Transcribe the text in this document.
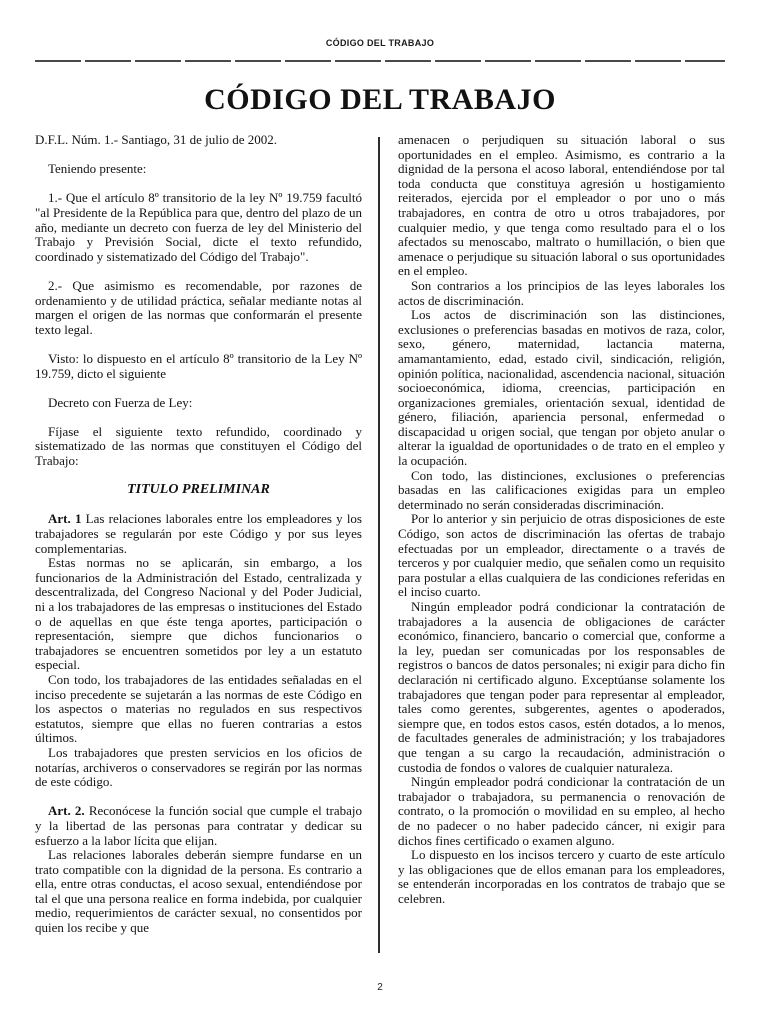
CÓDIGO DEL TRABAJO
CÓDIGO DEL TRABAJO

D.F.L. Núm. 1.- Santiago, 31 de julio de 2002.

Teniendo presente:

1.- Que el artículo 8º transitorio de la ley Nº 19.759 facultó "al Presidente de la República para que, dentro del plazo de un año, mediante un decreto con fuerza de ley del Ministerio del Trabajo y Previsión Social, dicte el texto refundido, coordinado y sistematizado del Código del Trabajo".

2.- Que asimismo es recomendable, por razones de ordenamiento y de utilidad práctica, señalar mediante notas al margen el origen de las normas que conformarán el presente texto legal.

Visto: lo dispuesto en el artículo 8º transitorio de la Ley Nº 19.759, dicto el siguiente

Decreto con Fuerza de Ley:

Fíjase el siguiente texto refundido, coordinado y sistematizado de las normas que constituyen el Código del Trabajo:

TITULO PRELIMINAR

Art. 1 Las relaciones laborales entre los empleadores y los trabajadores se regularán por este Código y por sus leyes complementarias.

Estas normas no se aplicarán, sin embargo, a los funcionarios de la Administración del Estado, centralizada y descentralizada, del Congreso Nacional y del Poder Judicial, ni a los trabajadores de las empresas o instituciones del Estado o de aquellas en que éste tenga aportes, participación o representación, siempre que dichos funcionarios o trabajadores se encuentren sometidos por ley a un estatuto especial.

Con todo, los trabajadores de las entidades señaladas en el inciso precedente se sujetarán a las normas de este Código en los aspectos o materias no regulados en sus respectivos estatutos, siempre que ellas no fueren contrarias a estos últimos.

Los trabajadores que presten servicios en los oficios de notarías, archiveros o conservadores se regirán por las normas de este código.

Art. 2. Reconócese la función social que cumple el trabajo y la libertad de las personas para contratar y dedicar su esfuerzo a la labor lícita que elijan.

Las relaciones laborales deberán siempre fundarse en un trato compatible con la dignidad de la persona. Es contrario a ella, entre otras conductas, el acoso sexual, entendiéndose por tal el que una persona realice en forma indebida, por cualquier medio, requerimientos de carácter sexual, no consentidos por quien los recibe y que

amenacen o perjudiquen su situación laboral o sus oportunidades en el empleo. Asimismo, es contrario a la dignidad de la persona el acoso laboral, entendiéndose por tal toda conducta que constituya agresión u hostigamiento reiterados, ejercida por el empleador o por uno o más trabajadores, en contra de otro u otros trabajadores, por cualquier medio, y que tenga como resultado para el o los afectados su menoscabo, maltrato o humillación, o bien que amenace o perjudique su situación laboral o sus oportunidades en el empleo.

Son contrarios a los principios de las leyes laborales los actos de discriminación.

Los actos de discriminación son las distinciones, exclusiones o preferencias basadas en motivos de raza, color, sexo, género, maternidad, lactancia materna, amamantamiento, edad, estado civil, sindicación, religión, opinión política, nacionalidad, ascendencia nacional, situación socioeconómica, idioma, creencias, participación en organizaciones gremiales, orientación sexual, identidad de género, filiación, apariencia personal, enfermedad o discapacidad u origen social, que tengan por objeto anular o alterar la igualdad de oportunidades o de trato en el empleo y la ocupación.

Con todo, las distinciones, exclusiones o preferencias basadas en las calificaciones exigidas para un empleo determinado no serán consideradas discriminación.

Por lo anterior y sin perjuicio de otras disposiciones de este Código, son actos de discriminación las ofertas de trabajo efectuadas por un empleador, directamente o a través de terceros y por cualquier medio, que señalen como un requisito para postular a ellas cualquiera de las condiciones referidas en el inciso cuarto.

Ningún empleador podrá condicionar la contratación de trabajadores a la ausencia de obligaciones de carácter económico, financiero, bancario o comercial que, conforme a la ley, puedan ser comunicadas por los responsables de registros o bancos de datos personales; ni exigir para dicho fin declaración ni certificado alguno. Exceptúanse solamente los trabajadores que tengan poder para representar al empleador, tales como gerentes, subgerentes, agentes o apoderados, siempre que, en todos estos casos, estén dotados, a lo menos, de facultades generales de administración; y los trabajadores que tengan a su cargo la recaudación, administración o custodia de fondos o valores de cualquier naturaleza.

Ningún empleador podrá condicionar la contratación de un trabajador o trabajadora, su permanencia o renovación de contrato, o la promoción o movilidad en su empleo, al hecho de no padecer o no haber padecido cáncer, ni exigir para dichos fines certificado o examen alguno.

Lo dispuesto en los incisos tercero y cuarto de este artículo y las obligaciones que de ellos emanan para los empleadores, se entenderán incorporadas en los contratos de trabajo que se celebren.

2
